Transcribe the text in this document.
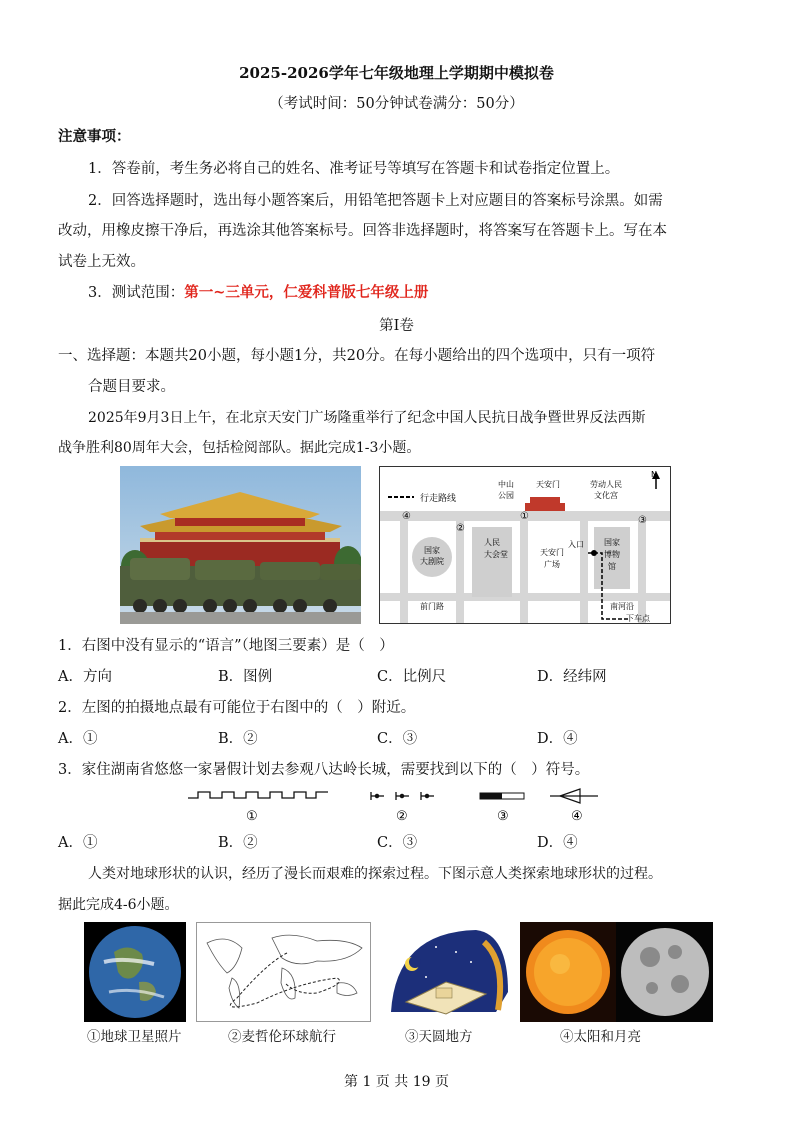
2025-2026学年七年级地理上学期期中模拟卷
（考试时间：50分钟试卷满分：50分）
注意事项：
1．答卷前，考生务必将自己的姓名、准考证号等填写在答题卡和试卷指定位置上。
2．回答选择题时，选出每小题答案后，用铅笔把答题卡上对应题目的答案标号涂黑。如需
改动，用橡皮擦干净后，再选涂其他答案标号。回答非选择题时，将答案写在答题卡上。写在本
试卷上无效。
3．测试范围：第一~三单元，仁爱科普版七年级上册
第Ⅰ卷
一、选择题：本题共20小题，每小题1分，共20分。在每小题给出的四个选项中，只有一项符
合题目要求。
2025年9月3日上午，在北京天安门广场隆重举行了纪念中国人民抗日战争暨世界反法西斯
战争胜利80周年大会，包括检阅部队。据此完成1-3小题。
行走路线
N
中山
公园
天安门	劳动人民
文化宫
国家
大剧院
人民
大会堂	天安门
广场
国家
博物
馆
入口
前门路	南河沿
下车点
④
②
①	③
1．右图中没有显示的“语言”（地图三要素）是（　）
A．方向	B．图例	C．比例尺	D．经纬网
2．左图的拍摄地点最有可能位于右图中的（　）附近。
A．①	B．②	C．③	D．④
3．家住湖南省悠悠一家暑假计划去参观八达岭长城，需要找到以下的（　）符号。
①	②	③	④
A．①	B．②	C．③	D．④
人类对地球形状的认识，经历了漫长而艰难的探索过程。下图示意人类探索地球形状的过程。
据此完成4-6小题。
①地球卫星照片	②麦哲伦环球航行	③天圆地方	④太阳和月亮
第 1 页 共 19 页
